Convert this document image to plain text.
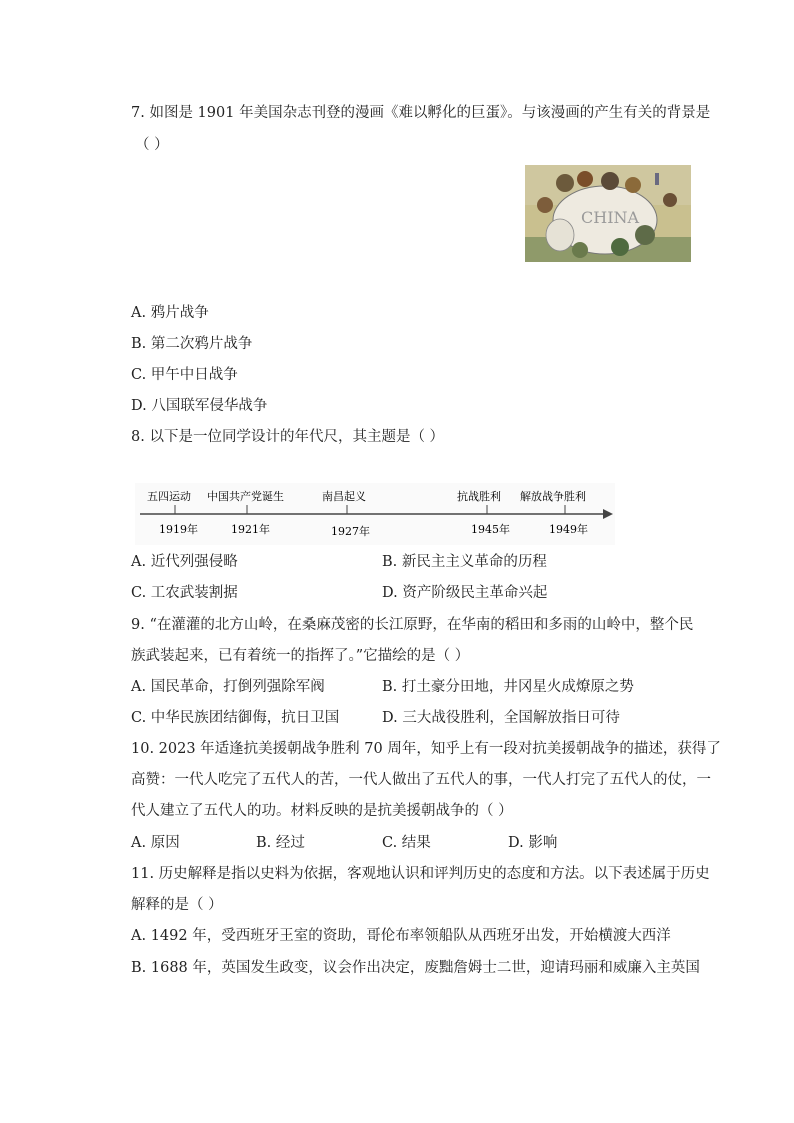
7. 如图是 1901 年美国杂志刊登的漫画《难以孵化的巨蛋》。与该漫画的产生有关的背景是
（ ）
CHINA
A. 鸦片战争
B. 第二次鸦片战争
C. 甲午中日战争
D. 八国联军侵华战争
8. 以下是一位同学设计的年代尺，其主题是（ ）
五四运动 中国共产党诞生	南昌起义	抗战胜利 解放战争胜利
1919年	1921年	1927年	1945年	1949年
A. 近代列强侵略	B. 新民主主义革命的历程
C. 工农武装割据	D. 资产阶级民主革命兴起
9. “在灌灌的北方山岭，在桑麻茂密的长江原野，在华南的稻田和多雨的山岭中，整个民
族武装起来，已有着统一的指挥了。”它描绘的是（ ）
A. 国民革命，打倒列强除军阀	B. 打土豪分田地，井冈星火成燎原之势
C. 中华民族团结御侮，抗日卫国	D. 三大战役胜利，全国解放指日可待
10. 2023 年适逢抗美援朝战争胜利 70 周年，知乎上有一段对抗美援朝战争的描述，获得了
高赞：一代人吃完了五代人的苦，一代人做出了五代人的事，一代人打完了五代人的仗，一
代人建立了五代人的功。材料反映的是抗美援朝战争的（ ）
A. 原因	B. 经过	C. 结果	D. 影响
11. 历史解释是指以史料为依据，客观地认识和评判历史的态度和方法。以下表述属于历史
解释的是（ ）
A. 1492 年，受西班牙王室的资助，哥伦布率领船队从西班牙出发，开始横渡大西洋
B. 1688 年，英国发生政变，议会作出决定，废黜詹姆士二世，迎请玛丽和威廉入主英国
